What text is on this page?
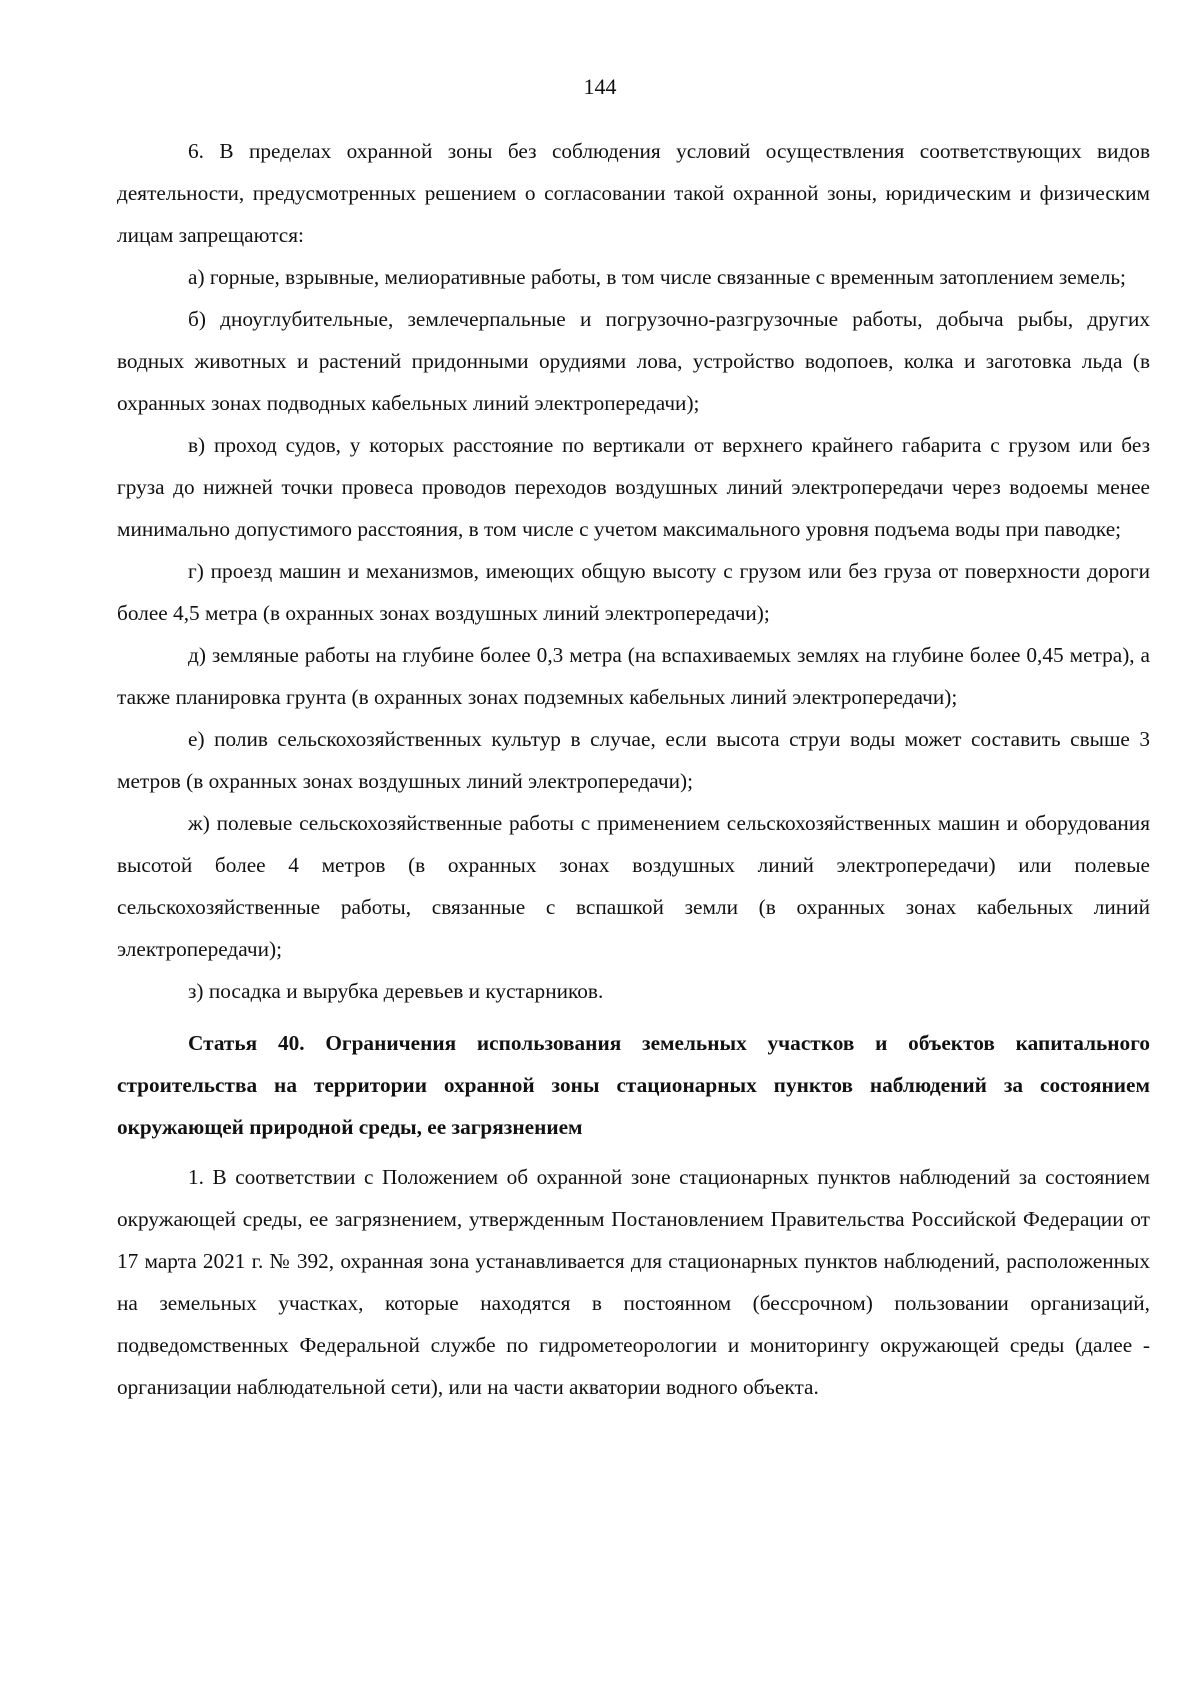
144

6. В пределах охранной зоны без соблюдения условий осуществления соответствующих видов деятельности, предусмотренных решением о согласовании такой охранной зоны, юридическим и физическим лицам запрещаются:

а) горные, взрывные, мелиоративные работы, в том числе связанные с временным затоплением земель;

б) дноуглубительные, землечерпальные и погрузочно-разгрузочные работы, добыча рыбы, других водных животных и растений придонными орудиями лова, устройство водопоев, колка и заготовка льда (в охранных зонах подводных кабельных линий электропередачи);

в) проход судов, у которых расстояние по вертикали от верхнего крайнего габарита с грузом или без груза до нижней точки провеса проводов переходов воздушных линий электропередачи через водоемы менее минимально допустимого расстояния, в том числе с учетом максимального уровня подъема воды при паводке;

г) проезд машин и механизмов, имеющих общую высоту с грузом или без груза от поверхности дороги более 4,5 метра (в охранных зонах воздушных линий электропередачи);

д) земляные работы на глубине более 0,3 метра (на вспахиваемых землях на глубине более 0,45 метра), а также планировка грунта (в охранных зонах подземных кабельных линий электропередачи);

е) полив сельскохозяйственных культур в случае, если высота струи воды может составить свыше 3 метров (в охранных зонах воздушных линий электропередачи);

ж) полевые сельскохозяйственные работы с применением сельскохозяйственных машин и оборудования высотой более 4 метров (в охранных зонах воздушных линий электропередачи) или полевые сельскохозяйственные работы, связанные с вспашкой земли (в охранных зонах кабельных линий электропередачи);

з) посадка и вырубка деревьев и кустарников.

Статья 40. Ограничения использования земельных участков и объектов капитального строительства на территории охранной зоны стационарных пунктов наблюдений за состоянием окружающей природной среды, ее загрязнением

1. В соответствии с Положением об охранной зоне стационарных пунктов наблюдений за состоянием окружающей среды, ее загрязнением, утвержденным Постановлением Правительства Российской Федерации от 17 марта 2021 г. № 392, охранная зона устанавливается для стационарных пунктов наблюдений, расположенных на земельных участках, которые находятся в постоянном (бессрочном) пользовании организаций, подведомственных Федеральной службе по гидрометеорологии и мониторингу окружающей среды (далее - организации наблюдательной сети), или на части акватории водного объекта.
